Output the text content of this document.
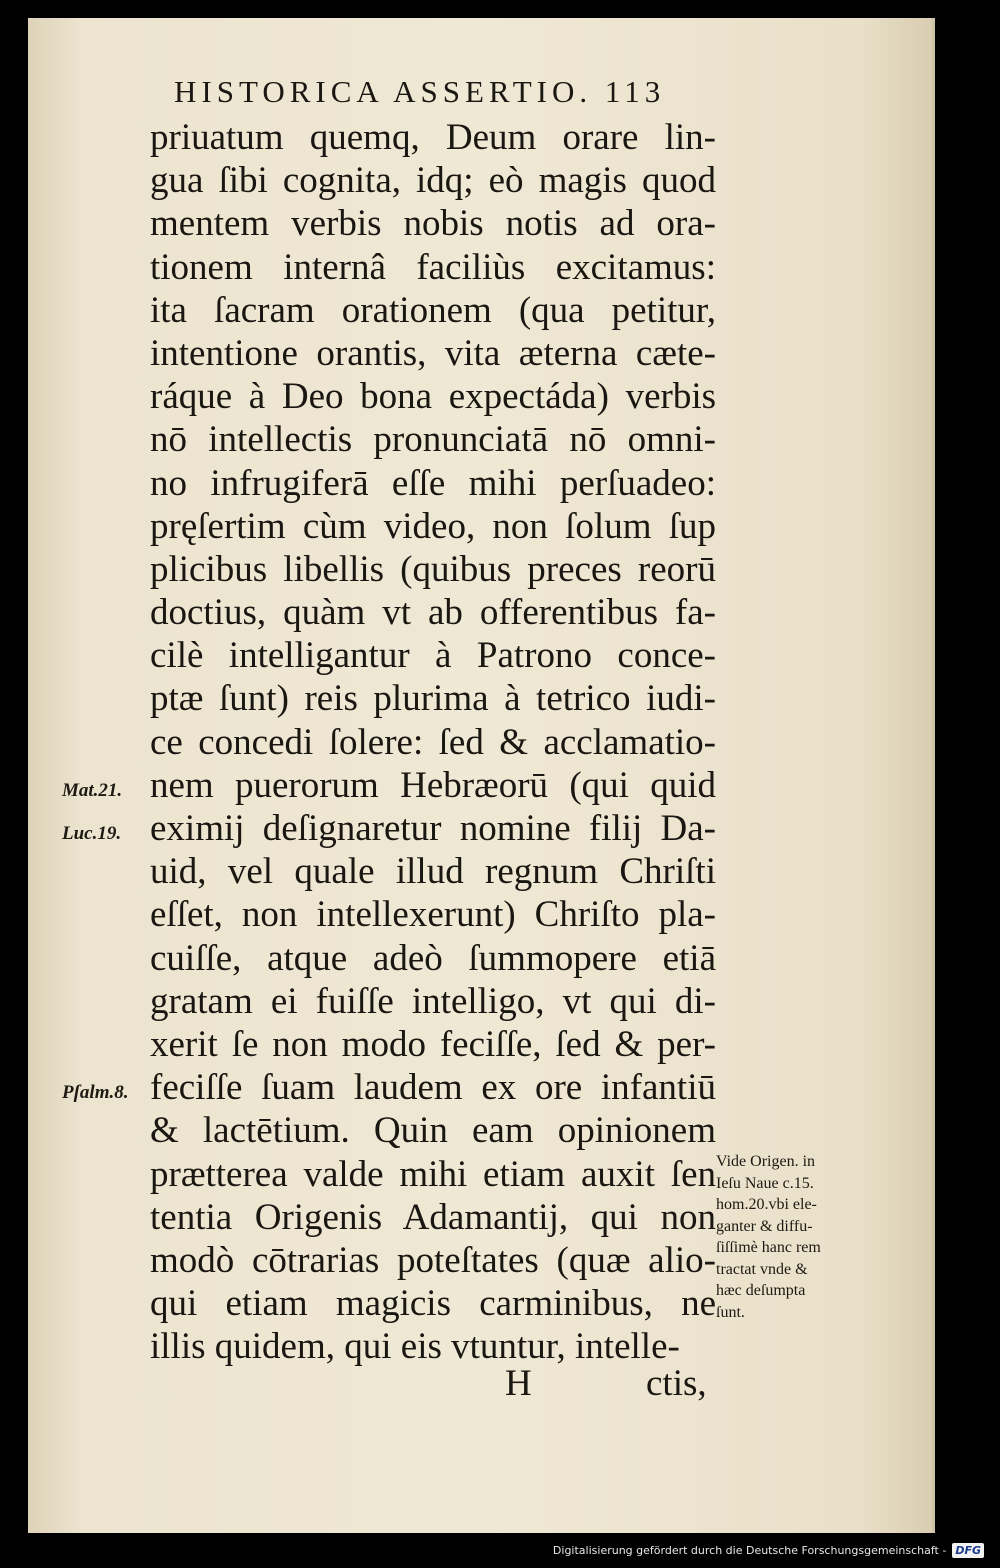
HISTORICA ASSERTIO. 113
priuatum quemq, Deum orare lin-
gua ſibi cognita, idq; eò magis quod
mentem verbis nobis notis ad ora-
tionem internâ faciliùs excitamus:
ita ſacram orationem (qua petitur,
intentione orantis, vita æterna cæte-
ráque à Deo bona expectáda) verbis
nō intellectis pronunciatā nō omni-
no infrugiferā eſſe mihi perſuadeo:
pręſertim cùm video, non ſolum ſup
plicibus libellis (quibus preces reorū
doctius, quàm vt ab offerentibus fa-
cilè intelligantur à Patrono conce-
ptæ ſunt) reis plurima à tetrico iudi-
ce concedi ſolere: ſed & acclamatio-
nem puerorum Hebræorū (qui quid
eximij deſignaretur nomine filij Da-
uid, vel quale illud regnum Chriſti
eſſet, non intellexerunt) Chriſto pla-
cuiſſe, atque adeò ſummopere etiā
gratam ei fuiſſe intelligo, vt qui di-
xerit ſe non modo feciſſe, ſed & per-
feciſſe ſuam laudem ex ore infantiū
& lactētium. Quin eam opinionem
prætterea valde mihi etiam auxit ſen
tentia Origenis Adamantij, qui non
modò cōtrarias poteſtates (quæ alio-
qui etiam magicis carminibus, ne
illis quidem, qui eis vtuntur, intelle-
H	ctis,
Vide Origen. in
Ieſu Naue c.15.
hom.20.vbi ele-
ganter & diffu-
ſiſſimè hanc rem
tractat vnde &
hæc deſumpta
ſunt.
Mat.21.
Luc.19.
Pſalm.8.
Digitalisierung gefördert durch die Deutsche Forschungsgemeinschaft - DFG
